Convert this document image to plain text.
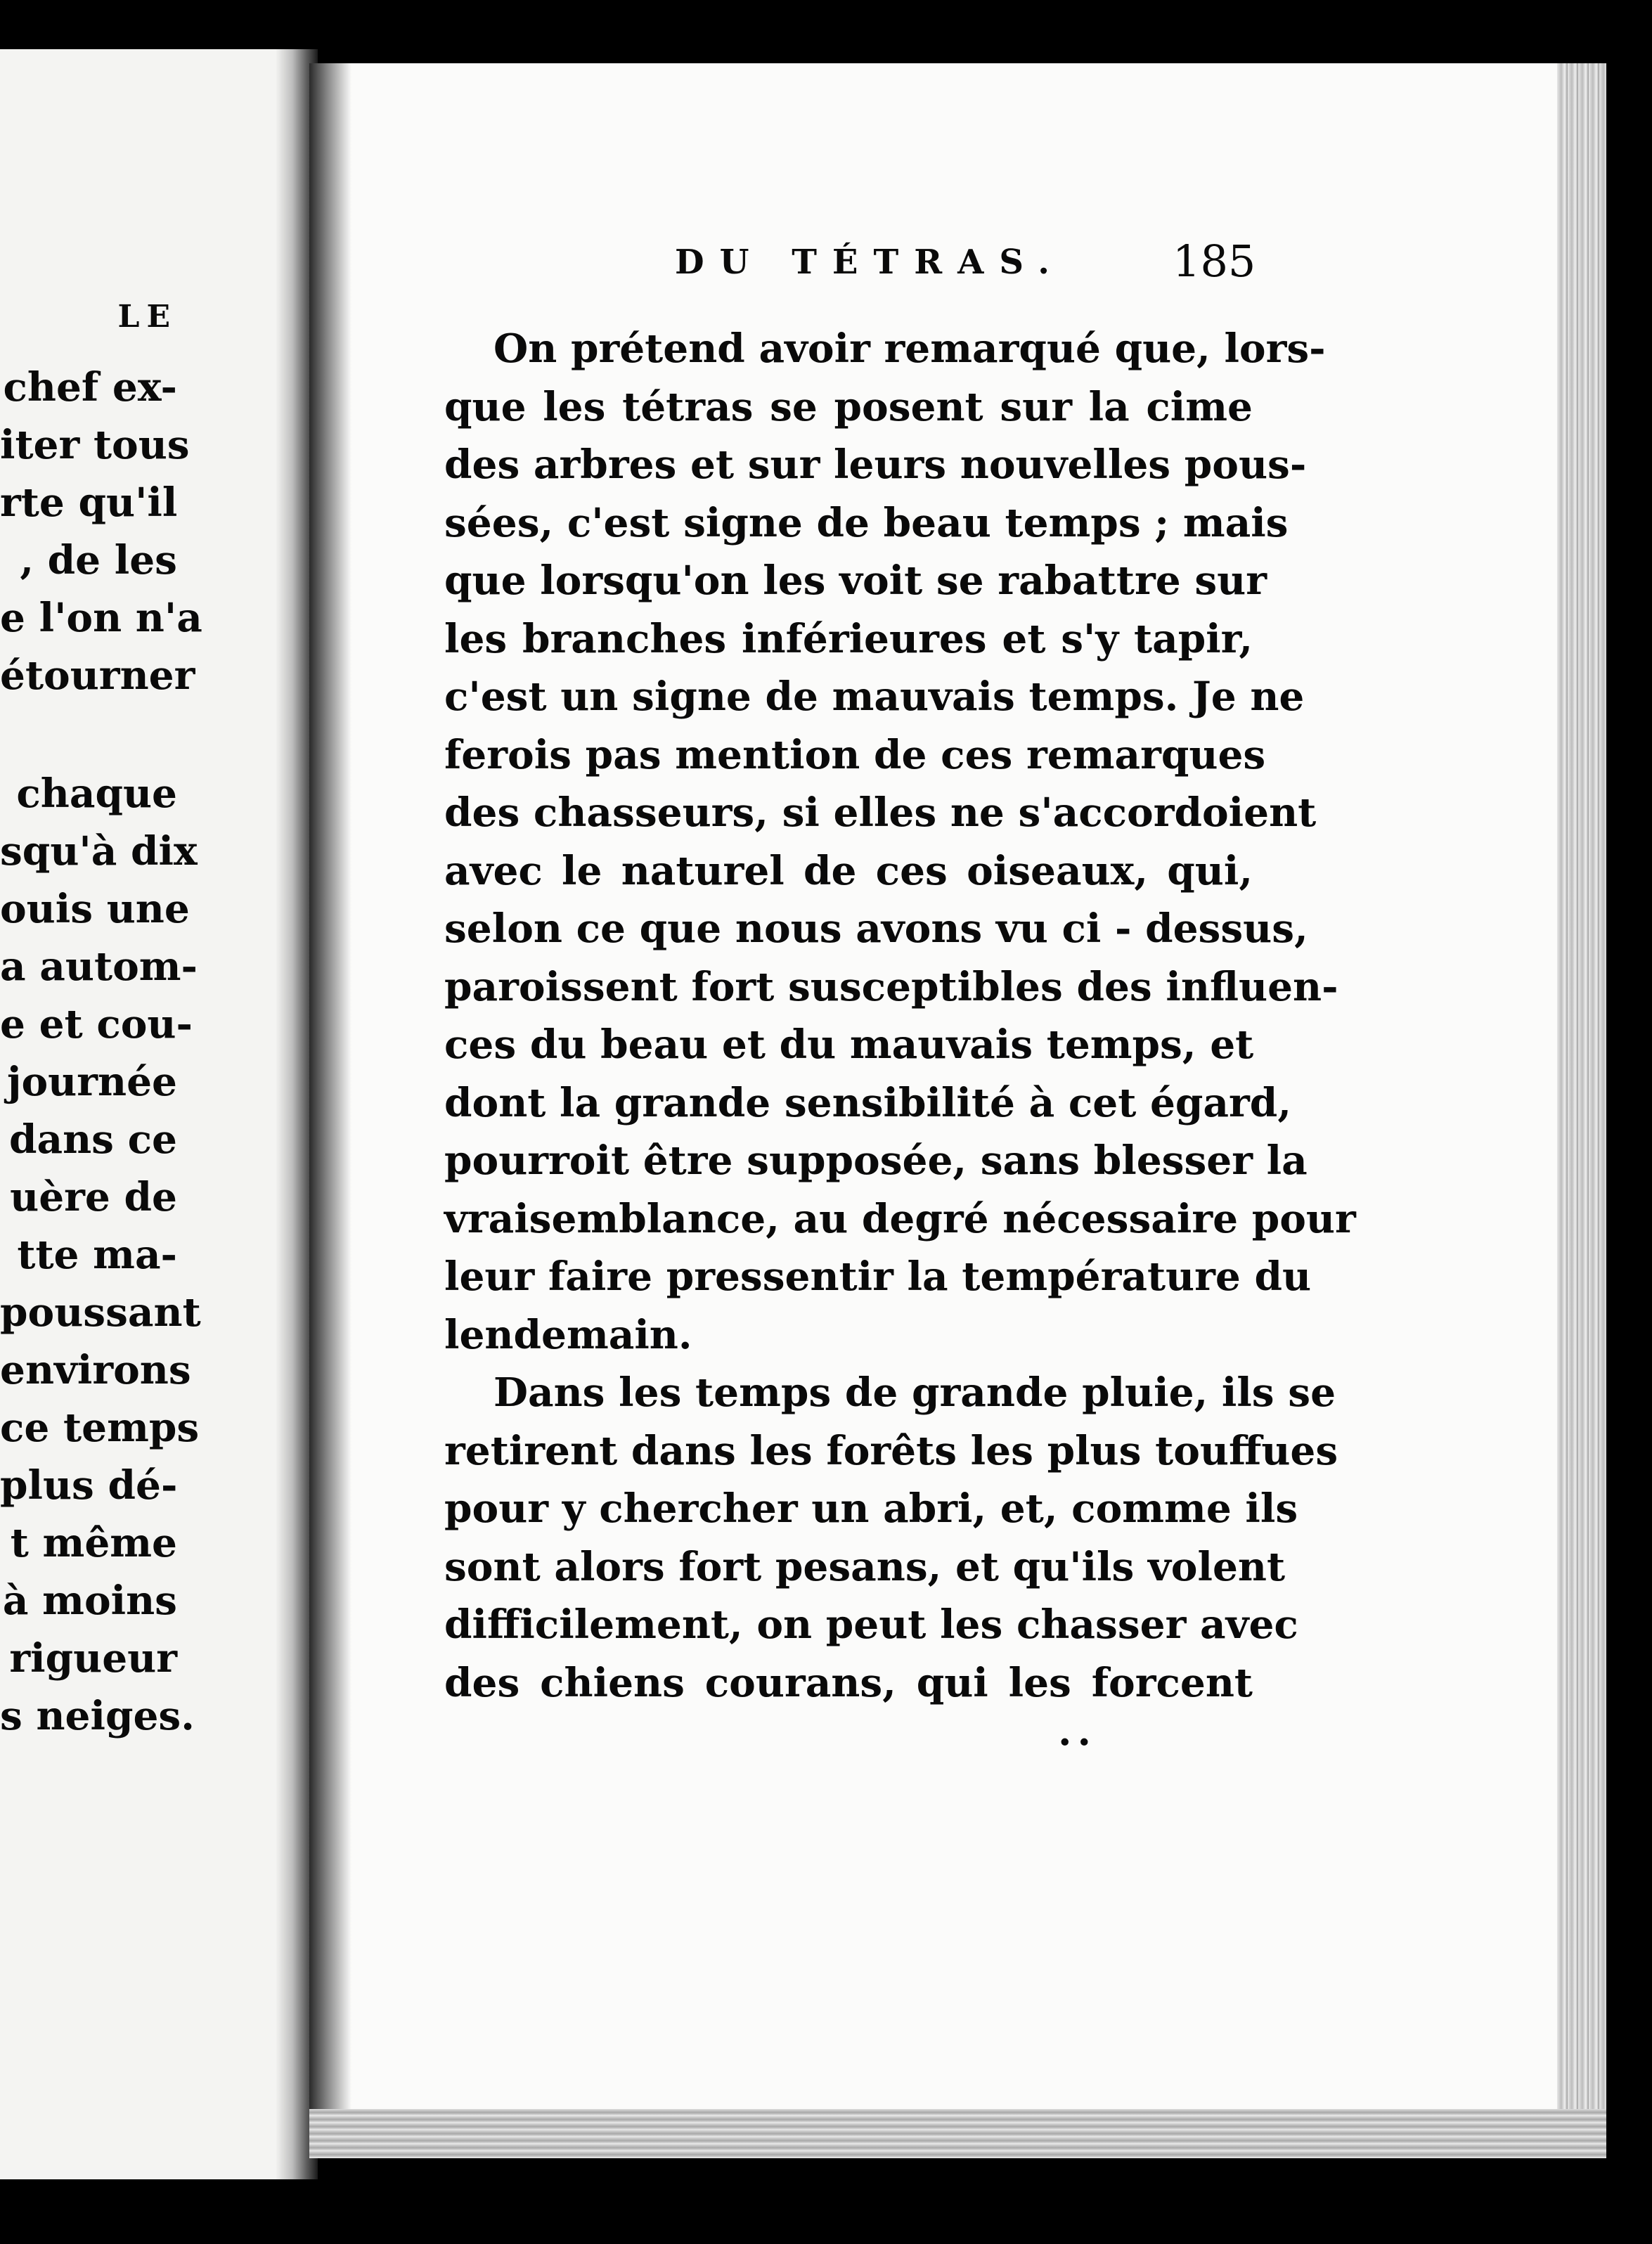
LE
chef ex-
iter tous
rte qu'il
, de les
e l'on n'a
étourner
chaque
squ'à dix
ouis une
a autom-
e et cou-
journée
dans ce
uère de
tte ma-
poussant
environs
ce temps
plus dé-
t même
à moins
rigueur
s neiges.
DU TÉTRAS. 185
On prétend avoir remarqué que, lors-
que les tétras se posent sur la cime
des arbres et sur leurs nouvelles pous-
sées, c'est signe de beau temps ; mais
que lorsqu'on les voit se rabattre sur
les branches inférieures et s'y tapir,
c'est un signe de mauvais temps. Je ne
ferois pas mention de ces remarques
des chasseurs, si elles ne s'accordoient
avec le naturel de ces oiseaux, qui,
selon ce que nous avons vu ci - dessus,
paroissent fort susceptibles des influen-
ces du beau et du mauvais temps, et
dont la grande sensibilité à cet égard,
pourroit être supposée, sans blesser la
vraisemblance, au degré nécessaire pour
leur faire pressentir la température du
lendemain.
Dans les temps de grande pluie, ils se
retirent dans les forêts les plus touffues
pour y chercher un abri, et, comme ils
sont alors fort pesans, et qu'ils volent
difficilement, on peut les chasser avec
des chiens courans, qui les forcent
..
